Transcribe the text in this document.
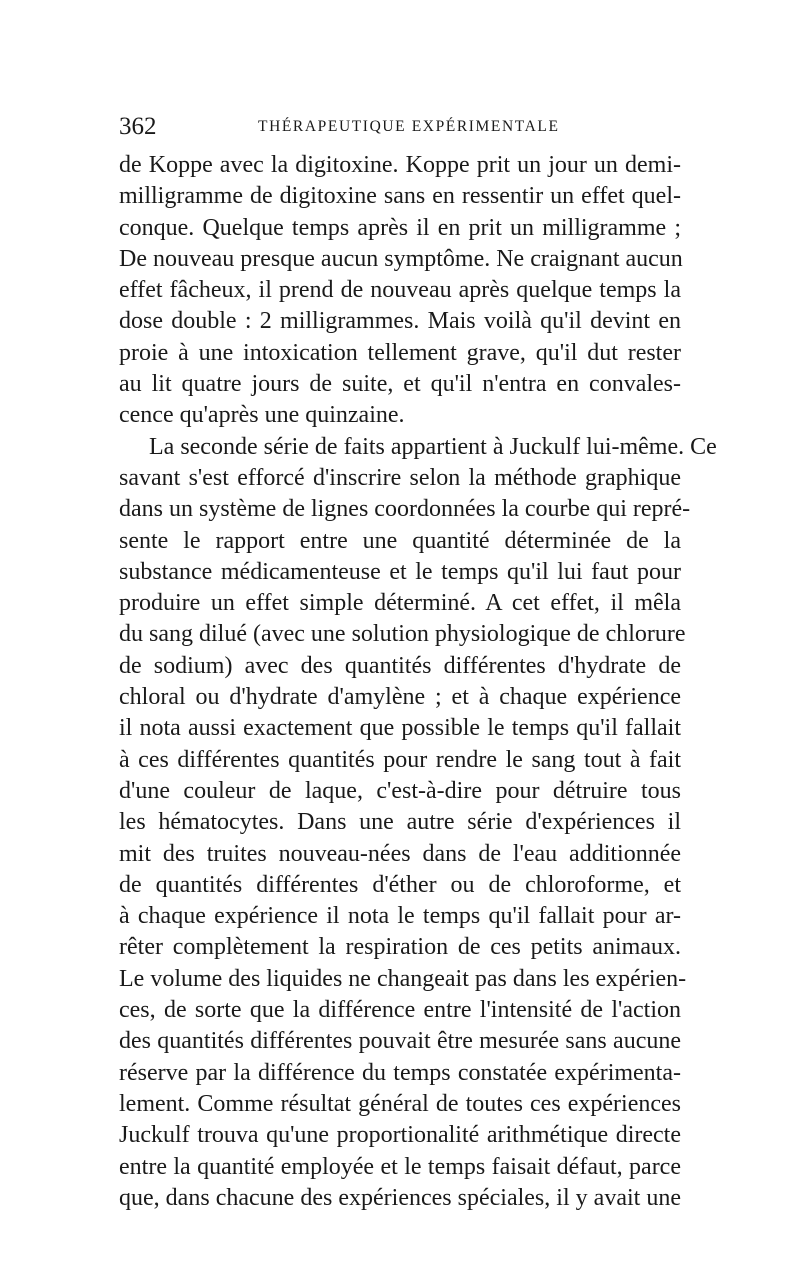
362	THÉRAPEUTIQUE EXPÉRIMENTALE
de Koppe avec la digitoxine. Koppe prit un jour un demi-
milligramme de digitoxine sans en ressentir un effet quel-
conque. Quelque temps après il en prit un milligramme ;
De nouveau presque aucun symptôme. Ne craignant aucun
effet fâcheux, il prend de nouveau après quelque temps la
dose double : 2 milligrammes. Mais voilà qu'il devint en
proie à une intoxication tellement grave, qu'il dut rester
au lit quatre jours de suite, et qu'il n'entra en convales-
cence qu'après une quinzaine.
La seconde série de faits appartient à Juckulf lui-même. Ce
savant s'est efforcé d'inscrire selon la méthode graphique
dans un système de lignes coordonnées la courbe qui repré-
sente le rapport entre une quantité déterminée de la
substance médicamenteuse et le temps qu'il lui faut pour
produire un effet simple déterminé. A cet effet, il mêla
du sang dilué (avec une solution physiologique de chlorure
de sodium) avec des quantités différentes d'hydrate de
chloral ou d'hydrate d'amylène ; et à chaque expérience
il nota aussi exactement que possible le temps qu'il fallait
à ces différentes quantités pour rendre le sang tout à fait
d'une couleur de laque, c'est-à-dire pour détruire tous
les hématocytes. Dans une autre série d'expériences il
mit des truites nouveau-nées dans de l'eau additionnée
de quantités différentes d'éther ou de chloroforme, et
à chaque expérience il nota le temps qu'il fallait pour ar-
rêter complètement la respiration de ces petits animaux.
Le volume des liquides ne changeait pas dans les expérien-
ces, de sorte que la différence entre l'intensité de l'action
des quantités différentes pouvait être mesurée sans aucune
réserve par la différence du temps constatée expérimenta-
lement. Comme résultat général de toutes ces expériences
Juckulf trouva qu'une proportionalité arithmétique directe
entre la quantité employée et le temps faisait défaut, parce
que, dans chacune des expériences spéciales, il y avait une
